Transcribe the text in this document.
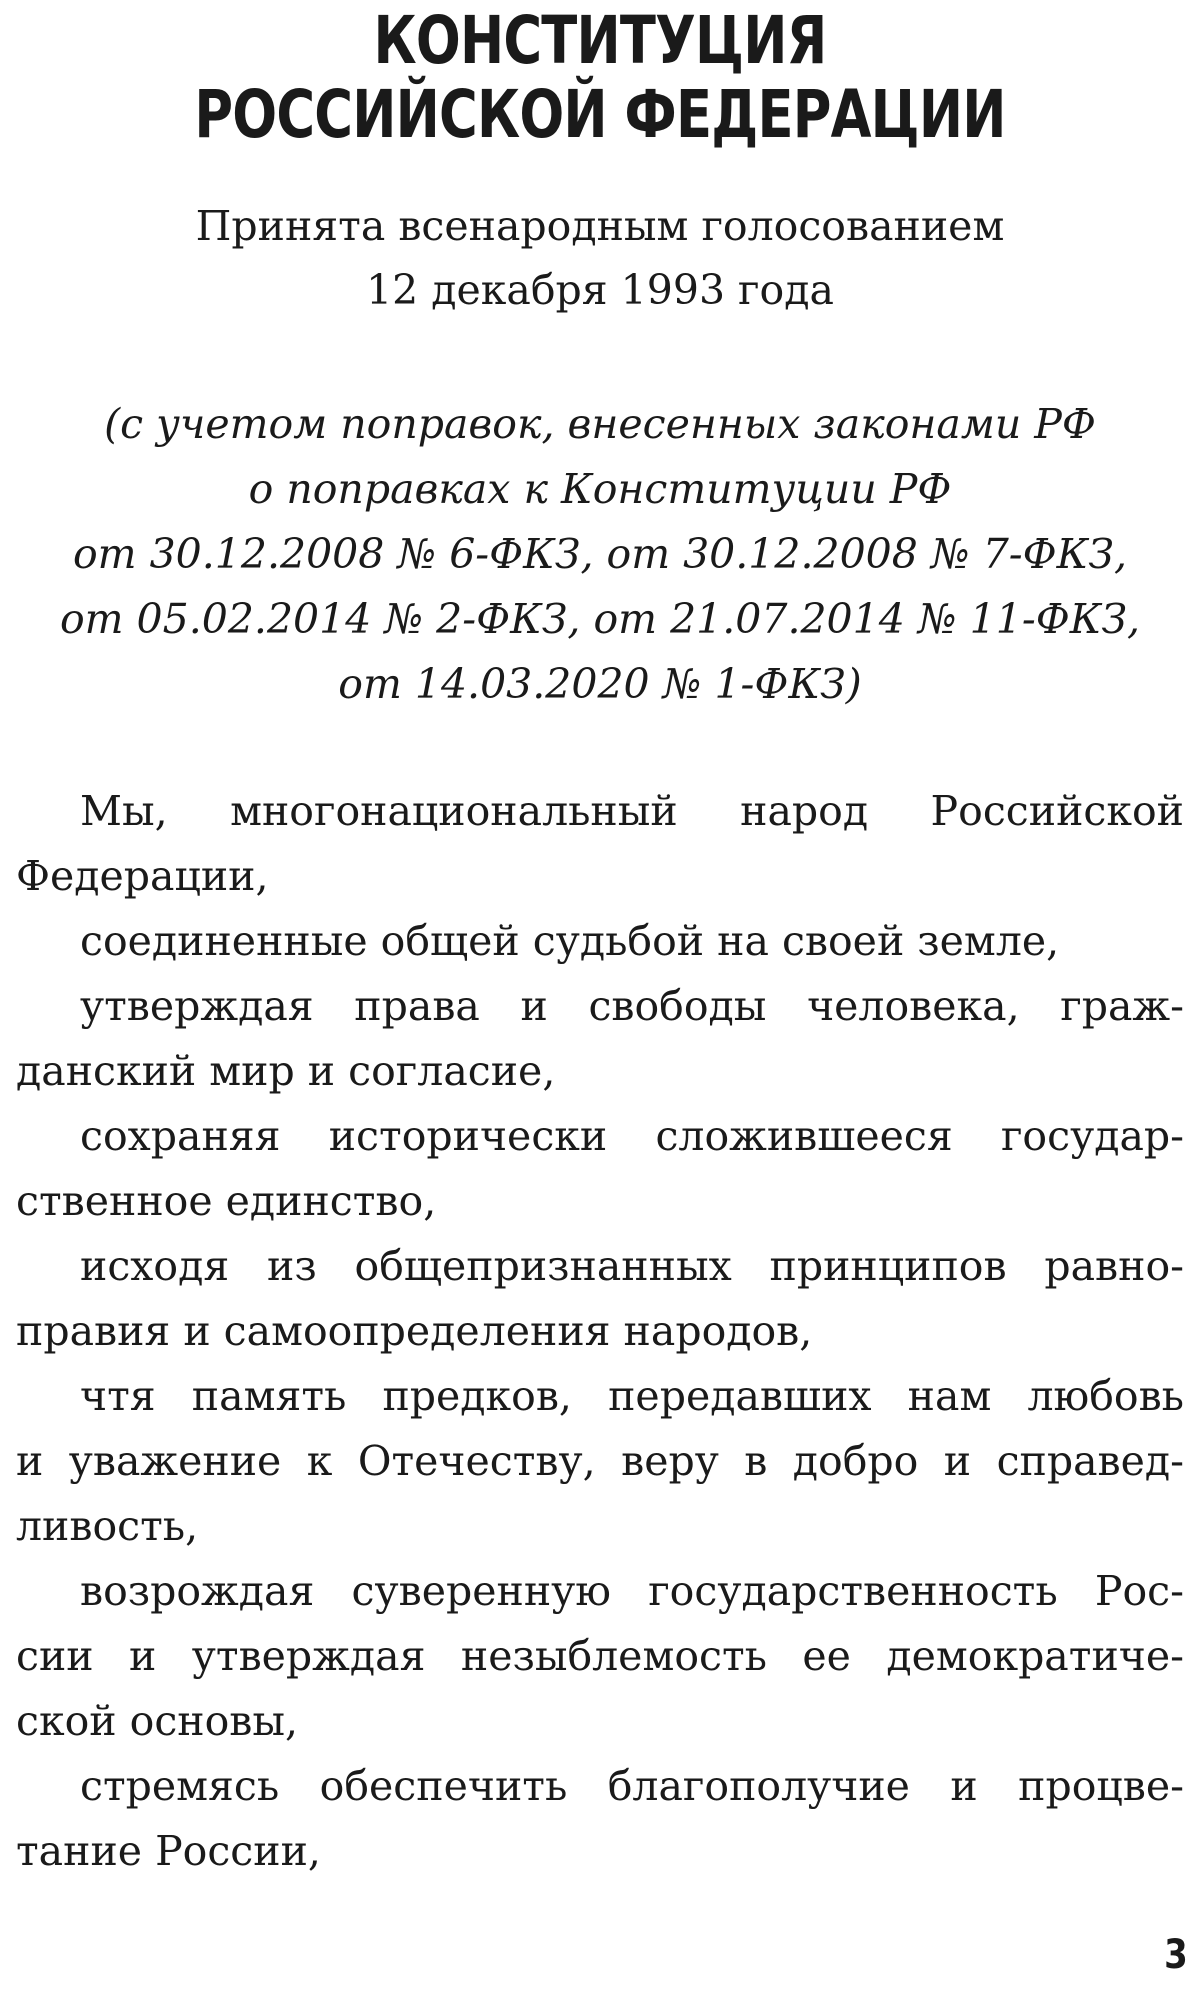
КОНСТИТУЦИЯ
РОССИЙСКОЙ ФЕДЕРАЦИИ
Принята всенародным голосованием
12 декабря 1993 года
(с учетом поправок, внесенных законами РФ
о поправках к Конституции РФ
от 30.12.2008 № 6-ФКЗ, от 30.12.2008 № 7-ФКЗ,
от 05.02.2014 № 2-ФКЗ, от 21.07.2014 № 11-ФКЗ,
от 14.03.2020 № 1-ФКЗ)
Мы, многонациональный народ Российской
Федерации,
соединенные общей судьбой на своей земле,
утверждая права и свободы человека, граж-
данский мир и согласие,
сохраняя исторически сложившееся государ-
ственное единство,
исходя из общепризнанных принципов равно-
правия и самоопределения народов,
чтя память предков, передавших нам любовь
и уважение к Отечеству, веру в добро и справед-
ливость,
возрождая суверенную государственность Рос-
сии и утверждая незыблемость ее демократиче-
ской основы,
стремясь обеспечить благополучие и процве-
тание России,
3
